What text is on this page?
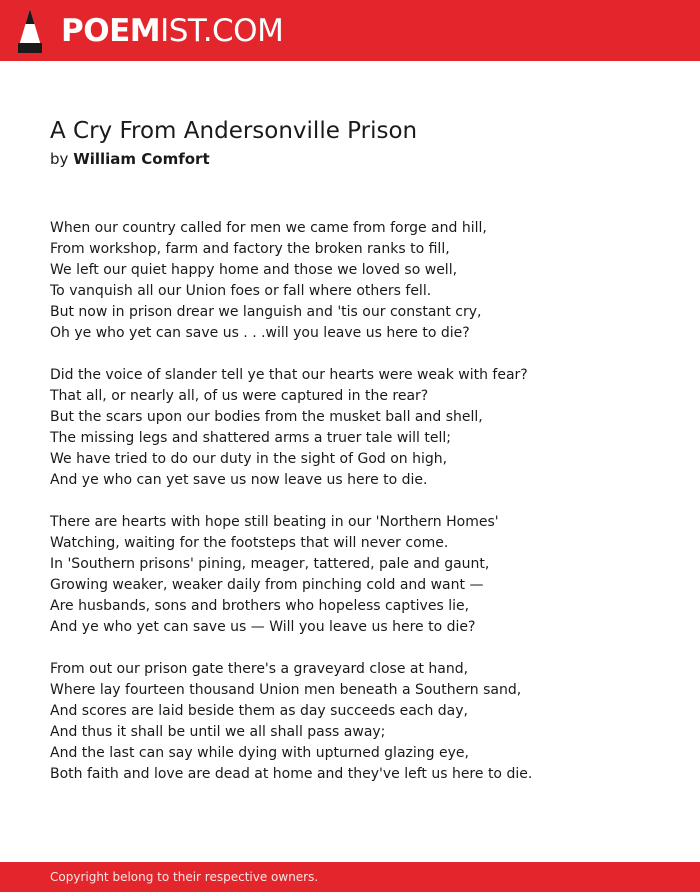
POEMIST.COM
A Cry From Andersonville Prison
by William Comfort
When our country called for men we came from forge and hill,
From workshop, farm and factory the broken ranks to fill,
We left our quiet happy home and those we loved so well,
To vanquish all our Union foes or fall where others fell.
But now in prison drear we languish and 'tis our constant cry,
Oh ye who yet can save us . . .will you leave us here to die?
Did the voice of slander tell ye that our hearts were weak with fear?
That all, or nearly all, of us were captured in the rear?
But the scars upon our bodies from the musket ball and shell,
The missing legs and shattered arms a truer tale will tell;
We have tried to do our duty in the sight of God on high,
And ye who can yet save us now leave us here to die.
There are hearts with hope still beating in our 'Northern Homes'
Watching, waiting for the footsteps that will never come.
In 'Southern prisons' pining, meager, tattered, pale and gaunt,
Growing weaker, weaker daily from pinching cold and want —
Are husbands, sons and brothers who hopeless captives lie,
And ye who yet can save us — Will you leave us here to die?
From out our prison gate there's a graveyard close at hand,
Where lay fourteen thousand Union men beneath a Southern sand,
And scores are laid beside them as day succeeds each day,
And thus it shall be until we all shall pass away;
And the last can say while dying with upturned glazing eye,
Both faith and love are dead at home and they've left us here to die.
Copyright belong to their respective owners.
